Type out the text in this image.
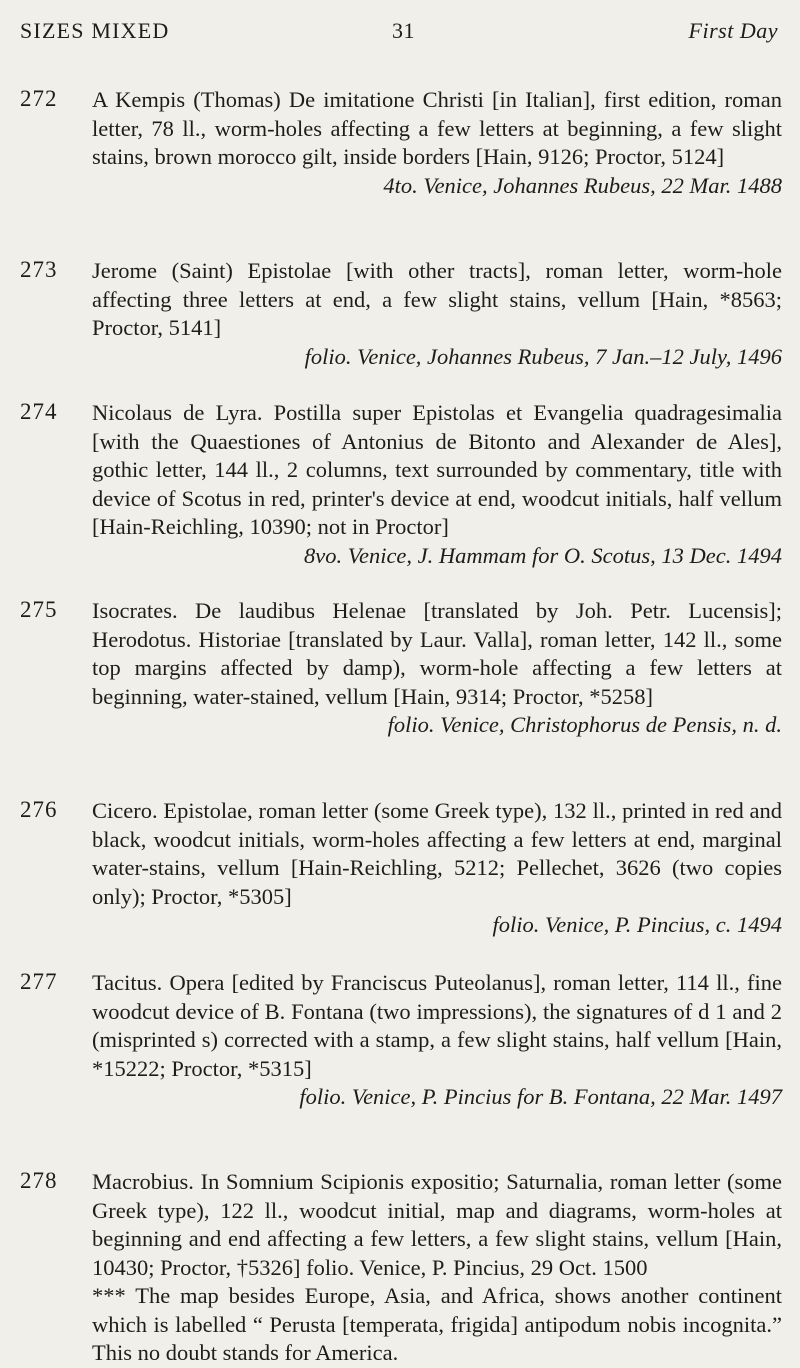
SIZES MIXED	31	First Day
272 A Kempis (Thomas) De imitatione Christi [in Italian], first edition, roman letter, 78 ll., worm-holes affecting a few letters at beginning, a few slight stains, brown morocco gilt, inside borders [Hain, 9126; Proctor, 5124]

4to. Venice, Johannes Rubeus, 22 Mar. 1488
273 Jerome (Saint) Epistolae [with other tracts], roman letter, worm-hole affecting three letters at end, a few slight stains, vellum [Hain, *8563; Proctor, 5141]

folio. Venice, Johannes Rubeus, 7 Jan.–12 July, 1496
274 Nicolaus de Lyra. Postilla super Epistolas et Evangelia quadragesimalia [with the Quaestiones of Antonius de Bitonto and Alexander de Ales], gothic letter, 144 ll., 2 columns, text surrounded by commentary, title with device of Scotus in red, printer's device at end, woodcut initials, half vellum [Hain-Reichling, 10390; not in Proctor]

8vo. Venice, J. Hammam for O. Scotus, 13 Dec. 1494
275 Isocrates. De laudibus Helenae [translated by Joh. Petr. Lucensis]; Herodotus. Historiae [translated by Laur. Valla], roman letter, 142 ll., some top margins affected by damp), worm-hole affecting a few letters at beginning, water-stained, vellum [Hain, 9314; Proctor, *5258]

folio. Venice, Christophorus de Pensis, n. d.
276 Cicero. Epistolae, roman letter (some Greek type), 132 ll., printed in red and black, woodcut initials, worm-holes affecting a few letters at end, marginal water-stains, vellum [Hain-Reichling, 5212; Pellechet, 3626 (two copies only); Proctor, *5305]

folio. Venice, P. Pincius, c. 1494
277 Tacitus. Opera [edited by Franciscus Puteolanus], roman letter, 114 ll., fine woodcut device of B. Fontana (two impressions), the signatures of d 1 and 2 (misprinted s) corrected with a stamp, a few slight stains, half vellum [Hain, *15222; Proctor, *5315]

folio. Venice, P. Pincius for B. Fontana, 22 Mar. 1497
278 Macrobius. In Somnium Scipionis expositio; Saturnalia, roman letter (some Greek type), 122 ll., woodcut initial, map and diagrams, worm-holes at beginning and end affecting a few letters, a few slight stains, vellum [Hain, 10430; Proctor, †5326] folio. Venice, P. Pincius, 29 Oct. 1500

*** The map besides Europe, Asia, and Africa, shows another continent which is labelled “ Perusta [temperata, frigida] antipodum nobis incognita.” This no doubt stands for America.
